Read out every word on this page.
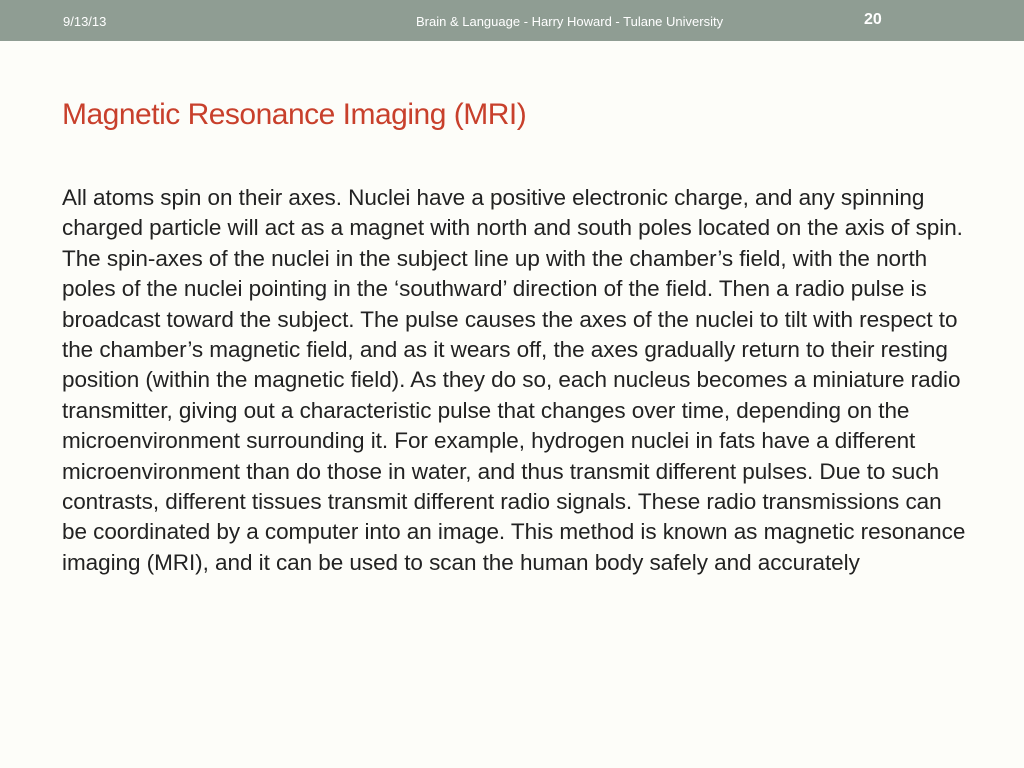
9/13/13	Brain & Language - Harry Howard - Tulane University	20
Magnetic Resonance Imaging (MRI)

All atoms spin on their axes. Nuclei have a positive electronic charge, and any spinning charged particle will act as a magnet with north and south poles located on the axis of spin. The spin-axes of the nuclei in the subject line up with the chamber’s field, with the north poles of the nuclei pointing in the ‘southward’ direction of the field. Then a radio pulse is broadcast toward the subject. The pulse causes the axes of the nuclei to tilt with respect to the chamber’s magnetic field, and as it wears off, the axes gradually return to their resting position (within the magnetic field). As they do so, each nucleus becomes a miniature radio transmitter, giving out a characteristic pulse that changes over time, depending on the microenvironment surrounding it. For example, hydrogen nuclei in fats have a different microenvironment than do those in water, and thus transmit different pulses. Due to such contrasts, different tissues transmit different radio signals. These radio transmissions can be coordinated by a computer into an image. This method is known as magnetic resonance imaging (MRI), and it can be used to scan the human body safely and accurately
